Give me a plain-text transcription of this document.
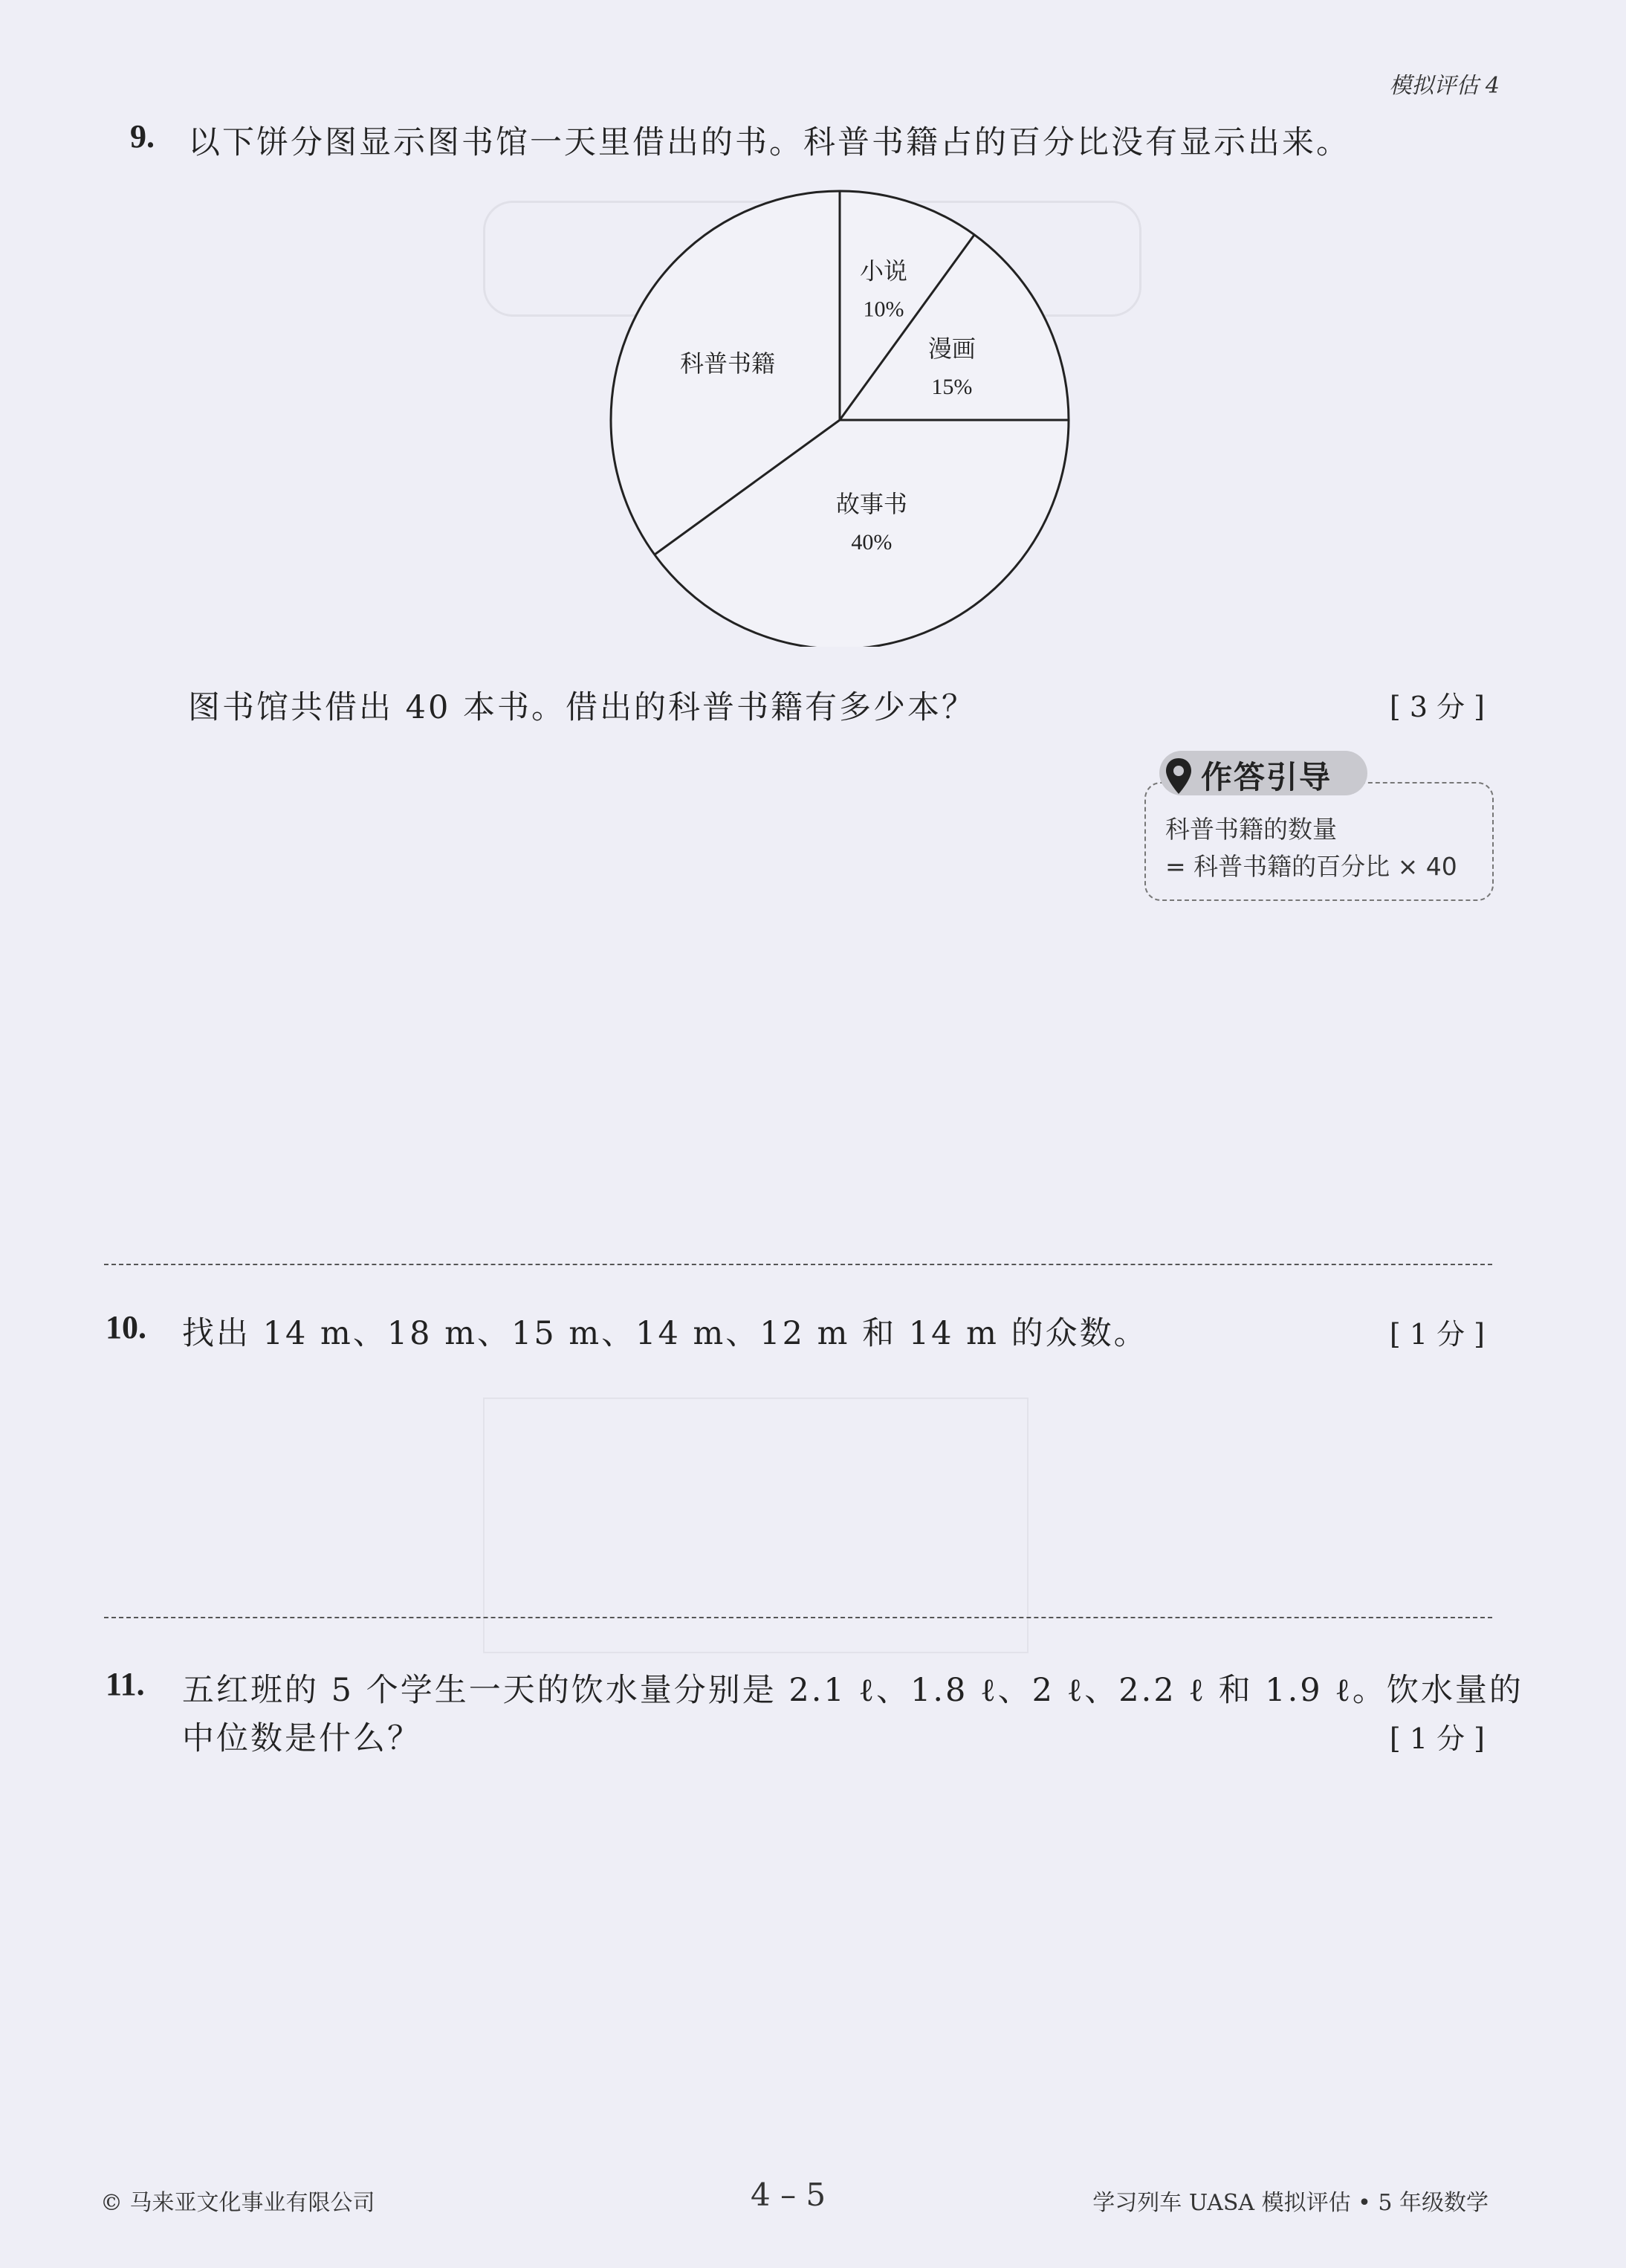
模拟评估 4
9. 以下饼分图显示图书馆一天里借出的书。科普书籍占的百分比没有显示出来。
小说
10%
漫画
15%
故事书
40%
科普书籍
图书馆共借出 40 本书。借出的科普书籍有多少本？	[ 3 分 ]
作答引导
科普书籍的数量
= 科普书籍的百分比 × 40
10. 找出 14 m、18 m、15 m、14 m、12 m 和 14 m 的众数。	[ 1 分 ]
11. 五红班的 5 个学生一天的饮水量分别是 2.1 ℓ、1.8 ℓ、2 ℓ、2.2 ℓ 和 1.9 ℓ。饮水量的
中位数是什么？	[ 1 分 ]
© 马来亚文化事业有限公司	4 – 5	学习列车 UASA 模拟评估 • 5 年级数学
